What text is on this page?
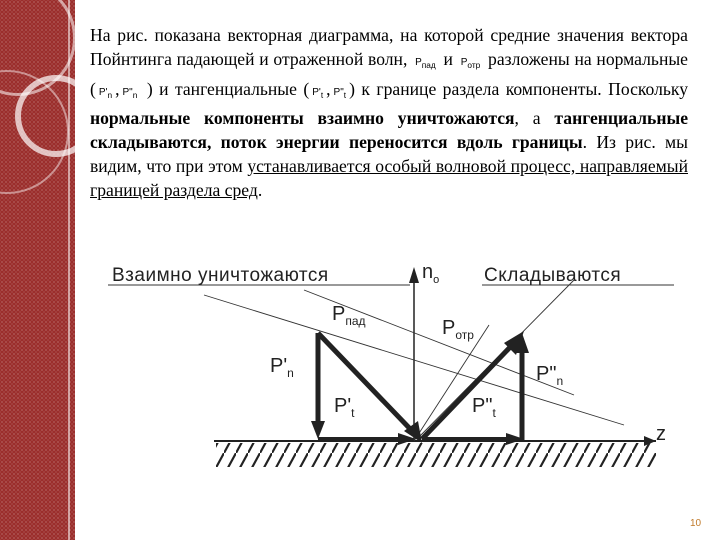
На рис. показана векторная диаграмма, на которой средние значения вектора Пойнтинга падающей и отраженной волн, $P_{пад}$ и $P_{отр}$ разложены на нормальные ( $P'_n$ , $P"_n$ ) и тангенциальные ( $P'_t$ , $P"_t$ ) к границе раздела компоненты. Поскольку нормальные компоненты взаимно уничтожаются, а тангенциальные складываются, поток энергии переносится вдоль границы. Из рис. мы видим, что при этом устанавливается особый волновой процесс, направляемый границей раздела сред.

Взаимно уничтожаются	Складываются
$n_o$
$P_{пад}$	$P_{отр}$
$P'_n$
$P'_t$	$P"_t$
$P"_n$
z
10
